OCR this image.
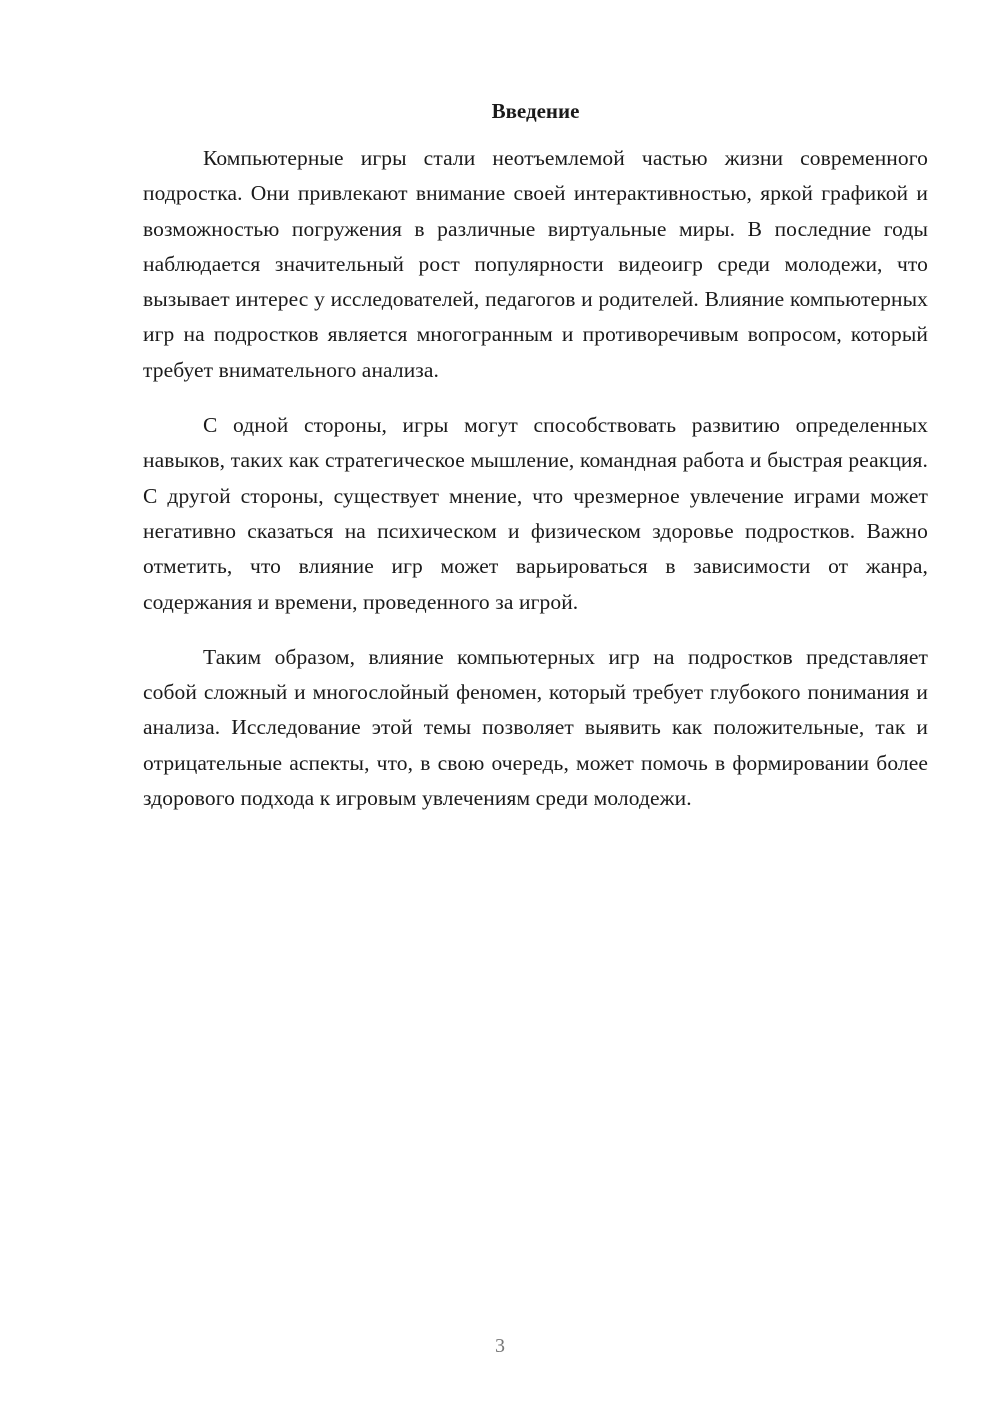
Введение

Компьютерные игры стали неотъемлемой частью жизни современного подростка. Они привлекают внимание своей интерактивностью, яркой графикой и возможностью погружения в различные виртуальные миры. В последние годы наблюдается значительный рост популярности видеоигр среди молодежи, что вызывает интерес у исследователей, педагогов и родителей. Влияние компьютерных игр на подростков является многогранным и противоречивым вопросом, который требует внимательного анализа.

С одной стороны, игры могут способствовать развитию определенных навыков, таких как стратегическое мышление, командная работа и быстрая реакция. С другой стороны, существует мнение, что чрезмерное увлечение играми может негативно сказаться на психическом и физическом здоровье подростков. Важно отметить, что влияние игр может варьироваться в зависимости от жанра, содержания и времени, проведенного за игрой.

Таким образом, влияние компьютерных игр на подростков представляет собой сложный и многослойный феномен, который требует глубокого понимания и анализа. Исследование этой темы позволяет выявить как положительные, так и отрицательные аспекты, что, в свою очередь, может помочь в формировании более здорового подхода к игровым увлечениям среди молодежи.

3
